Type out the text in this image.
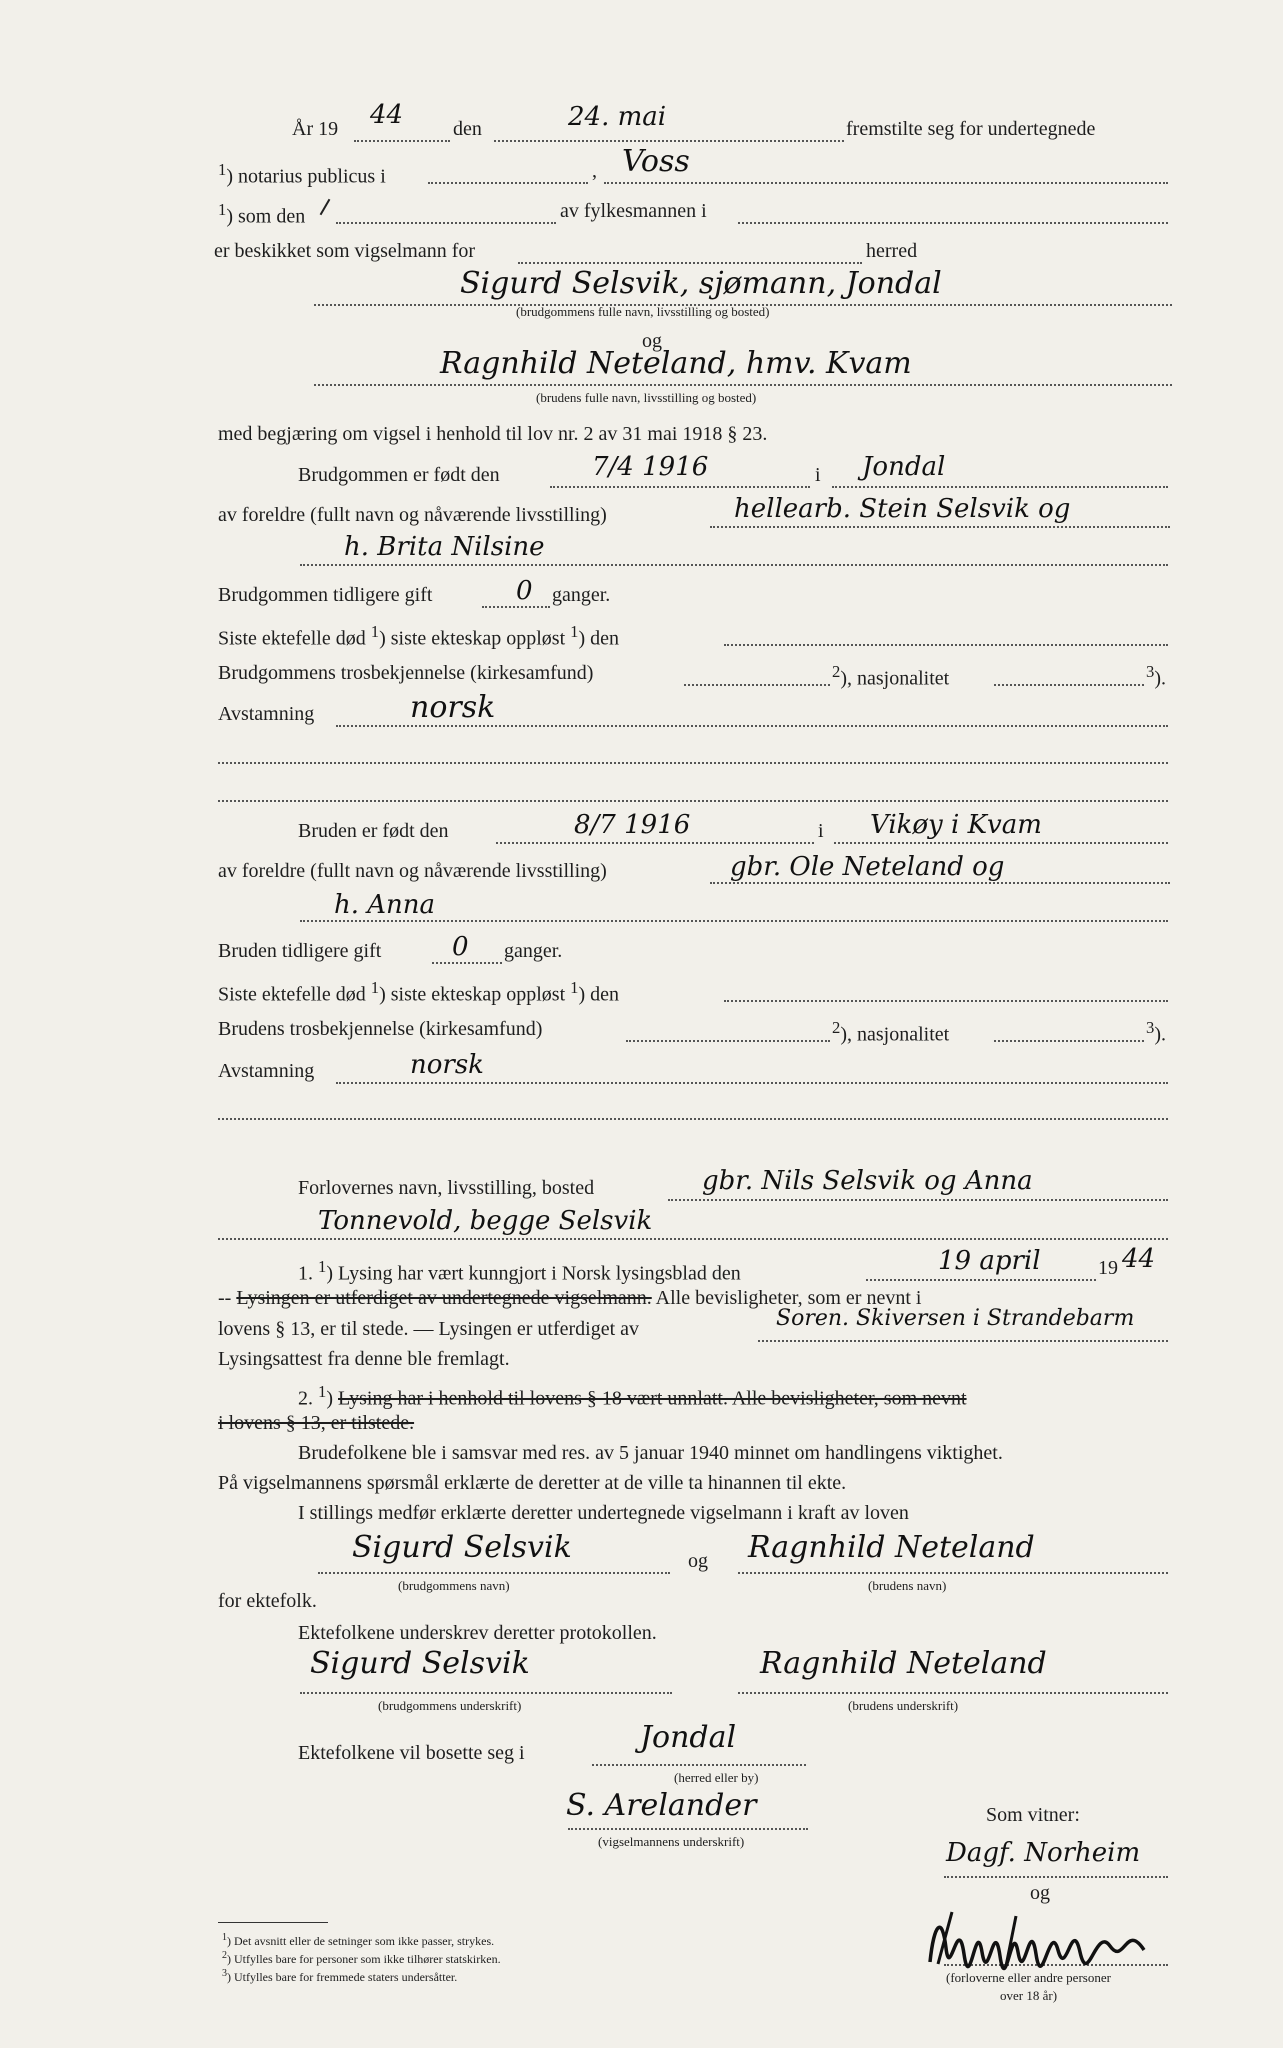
År 19 44 den	24. mai	fremstilte seg for undertegnede
$^1$) notarius publicus i	, Voss
$^1$) som den	av fylkesmannen i
er beskikket som vigselmann for	herred
Sigurd Selsvik, sjømann, Jondal
(brudgommens fulle navn, livsstilling og bosted)
og
Ragnhild Neteland, hmv. Kvam
(brudens fulle navn, livsstilling og bosted)
med begjæring om vigsel i henhold til lov nr. 2 av 31 mai 1918 § 23.
Brudgommen er født den	7/4 1916	i Jondal
av foreldre (fullt navn og nåværende livsstilling)	hellearb. Stein Selsvik og
h. Brita Nilsine
Brudgommen tidligere gift	0 ganger.
Siste ektefelle død $^1$) siste ekteskap oppløst $^1$) den
Brudgommens trosbekjennelse (kirkesamfund)	$^2$), nasjonalitet	$^3$).
Avstamning	norsk
Bruden er født den	8/7 1916	i Vikøy i Kvam
av foreldre (fullt navn og nåværende livsstilling)	gbr. Ole Neteland og
h. Anna
Bruden tidligere gift	0 ganger.
Siste ektefelle død $^1$) siste ekteskap oppløst $^1$) den
Brudens trosbekjennelse (kirkesamfund)	$^2$), nasjonalitet	$^3$).
Avstamning	norsk
Forlovernes navn, livsstilling, bosted	gbr. Nils Selsvik og Anna
Tonnevold, begge Selsvik
1. $^1$) Lysing har vært kunngjort i Norsk lysingsblad den	19 april	19 44
-- Lysingen er utferdiget av undertegnede vigselmann. Alle bevisligheter, som er nevnt i
lovens § 13, er til stede. — Lysingen er utferdiget av	Soren. Skiversen i Strandebarm
Lysingsattest fra denne ble fremlagt.
2. $^1$) Lysing har i henhold til lovens § 18 vært unnlatt. Alle bevisligheter, som nevnt
i lovens § 13, er tilstede.
Brudefolkene ble i samsvar med res. av 5 januar 1940 minnet om handlingens viktighet.
På vigselmannens spørsmål erklærte de deretter at de ville ta hinannen til ekte.
I stillings medfør erklærte deretter undertegnede vigselmann i kraft av loven
Sigurd Selsvik
(brudgommens navn)
og Ragnhild Neteland
(brudens navn)
for ektefolk.
Ektefolkene underskrev deretter protokollen.
Sigurd Selsvik
(brudgommens underskrift)
Ragnhild Neteland
(brudens underskrift)
Ektefolkene vil bosette seg i	Jondal
(herred eller by)
S. Arelander
(vigselmannens underskrift)
Som vitner:
Dagf. Norheim
og
(forloverne eller andre personer
over 18 år)
$^1$) Det avsnitt eller de setninger som ikke passer, strykes.
$^2$) Utfylles bare for personer som ikke tilhører statskirken.
$^3$) Utfylles bare for fremmede staters undersåtter.
